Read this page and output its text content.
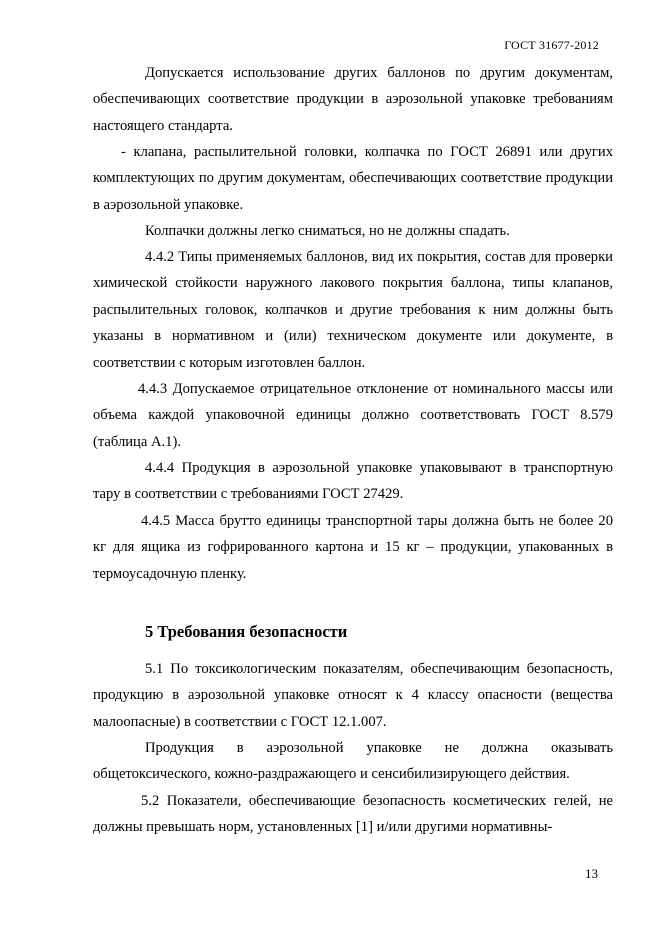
ГОСТ 31677-2012

Допускается использование других баллонов по другим документам, обеспечивающих соответствие продукции в аэрозольной упаковке требованиям настоящего стандарта.

- клапана, распылительной головки, колпачка по ГОСТ 26891 или других комплектующих по другим документам, обеспечивающих соответствие продукции в аэрозольной упаковке.

Колпачки должны легко сниматься, но не должны спадать.

4.4.2 Типы применяемых баллонов, вид их покрытия, состав для проверки химической стойкости наружного лакового покрытия баллона, типы клапанов, распылительных головок, колпачков и другие требования к ним должны быть указаны в нормативном и (или) техническом документе или документе, в соответствии с которым изготовлен баллон.

4.4.3 Допускаемое отрицательное отклонение от номинального массы или объема каждой упаковочной единицы должно соответствовать ГОСТ 8.579 (таблица А.1).

4.4.4 Продукция в аэрозольной упаковке упаковывают в транспортную тару в соответствии с требованиями ГОСТ 27429.

4.4.5 Масса брутто единицы транспортной тары должна быть не более 20 кг для ящика из гофрированного картона и 15 кг – продукции, упакованных в термоусадочную пленку.

5 Требования безопасности

5.1 По токсикологическим показателям, обеспечивающим безопасность, продукцию в аэрозольной упаковке относят к 4 классу опасности (вещества малоопасные) в соответствии с ГОСТ 12.1.007.

Продукция в аэрозольной упаковке не должна оказывать общетоксического, кожно-раздражающего и сенсибилизирующего действия.

5.2 Показатели, обеспечивающие безопасность косметических гелей, не должны превышать норм, установленных [1] и/или другими нормативны-

13
